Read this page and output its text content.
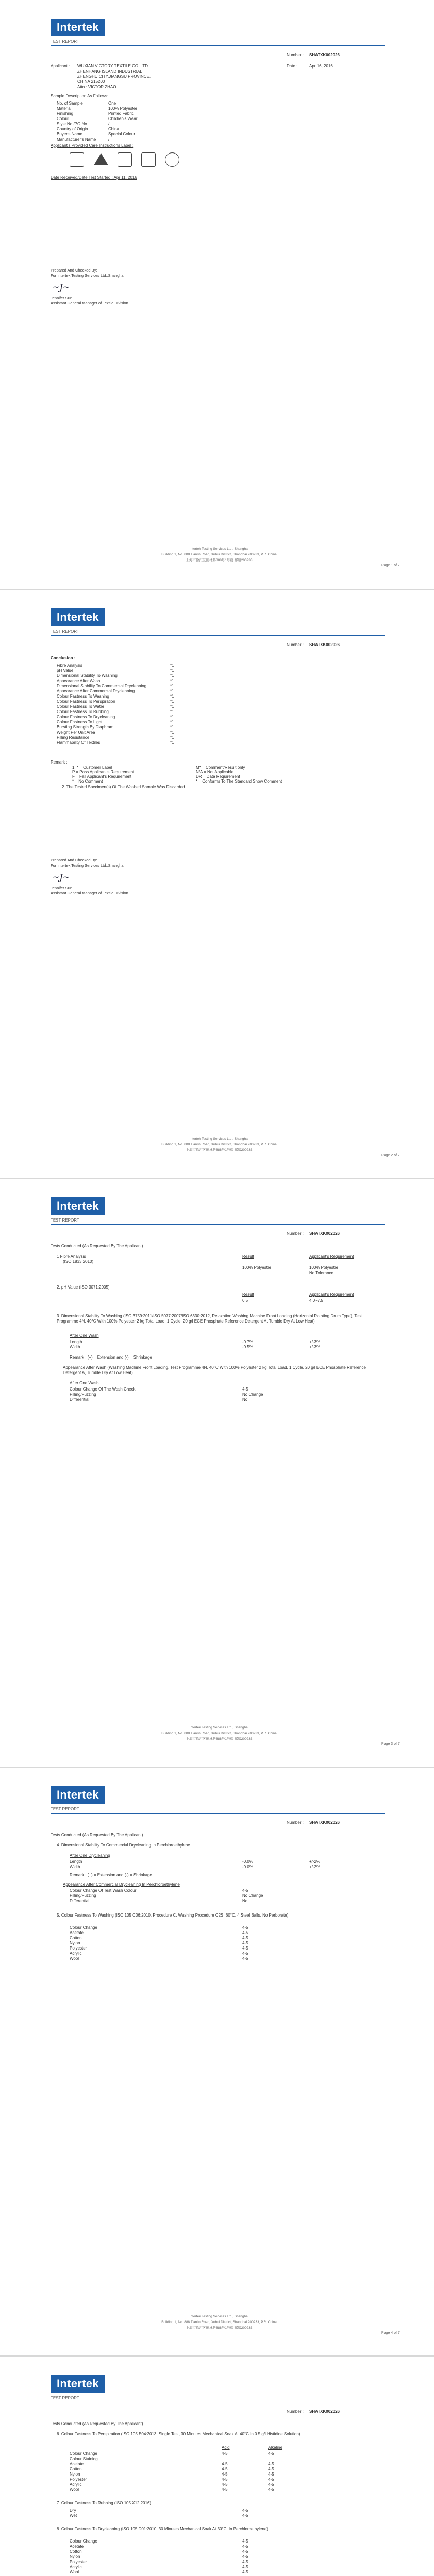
Intertek
TEST REPORT
Number : SHATXK002026
Applicant : WUXIAN VICTORY TEXTILE CO.,LTD.
ZHENHANG ISLAND INDUSTRIAL
ZHENGHU CITY,JIANGSU PROVINCE,
CHINA 215200
Attn : VICTOR ZHAO
Date :	Apr 16, 2016
Sample Description As Follows:
No. of Sample	One
Material	100% Polyester
Finishing	Printed Fabric
Colour	Children's Wear
Style No./PO No.	/
Country of Origin	China
Buyer's Name	Special Colour
Manufacturer's Name	/
Applicant's Provided Care Instructions Label :
Date Received/Date Test Started : Apr 11, 2016
Prepared And Checked By:
For Intertek Testing Services Ltd.,Shanghai
~J~
Jennifer Sun
Assistant General Manager of Textile Division
Intertek Testing Services Ltd., Shanghai
Building 1, No. 888 Tianlin Road, Xuhui District, Shanghai 200233, P.R. China
上海市徐汇区田林路888号1号楼 邮编200233
Page 1 of 7
Intertek
TEST REPORT
Number : SHATXK002026
Conclusion :
Fibre Analysis	*1
pH Value	*1
Dimensional Stability To Washing	*1
Appearance After Wash	*1
Dimensional Stability To Commercial Drycleaning	*1
Appearance After Commercial Drycleaning	*1
Colour Fastness To Washing	*1
Colour Fastness To Perspiration	*1
Colour Fastness To Water	*1
Colour Fastness To Rubbing	*1
Colour Fastness To Drycleaning	*1
Colour Fastness To Light	*1
Bursting Strength By Diaphram	*1
Weight Per Unit Area	*1
Pilling Resistance	*1
Flammability Of Textiles	*1
Remark :
1. * = Customer Label
P = Pass Applicant's Requirement
F = Fail Applicant's Requirement
* = No Comment
M* = Comment/Result only
N/A = Not Applicable
DR = Data Requirement
* = Conforms To The Standard Show Comment
2. The Tested Specimen(s) Of The Washed Sample Was Discarded.
Prepared And Checked By:
For Intertek Testing Services Ltd.,Shanghai
~J~
Jennifer Sun
Assistant General Manager of Textile Division
Intertek Testing Services Ltd., Shanghai
Building 1, No. 888 Tianlin Road, Xuhui District, Shanghai 200233, P.R. China
上海市徐汇区田林路888号1号楼 邮编200233
Page 2 of 7
Intertek
TEST REPORT
Number : SHATXK002026
Tests Conducted (As Requested By The Applicant)
1 Fibre Analysis
(ISO 1833:2010)
Result	Applicant's Requirement
100% Polyester	100% Polyester
No Tolerance
2. pH Value (ISO 3071:2005)
Result	Applicant's Requirement
6.5	4.0~7.5
3. Dimensional Stability To Washing (ISO 3759:2011/ISO 5077:2007/ISO 6330:2012, Relaxation Washing Machine Front Loading (Horizontal Rotating Drum Type), Test Programme 4N, 40°C With 100% Polyester 2 kg Total Load, 1 Cycle, 20 g/l ECE Phosphate Reference Detergent A, Tumble Dry At Low Heat)
After One Wash
Length	-0.7%	+/-3%
Width	-0.5%	+/-3%
Remark : (+) = Extension and (-) = Shrinkage
Appearance After Wash (Washing Machine Front Loading, Test Programme 4N, 40°C With 100% Polyester 2 kg Total Load, 1 Cycle, 20 g/l ECE Phosphate Reference Detergent A, Tumble Dry At Low Heat)
After One Wash
Colour Change Of The Wash Check	4-5
Pilling/Fuzzing	No Change
Differential	No
Intertek Testing Services Ltd., Shanghai
Building 1, No. 888 Tianlin Road, Xuhui District, Shanghai 200233, P.R. China
上海市徐汇区田林路888号1号楼 邮编200233
Page 3 of 7
Intertek
TEST REPORT
Number : SHATXK002026
Tests Conducted (As Requested By The Applicant)
4. Dimensional Stability To Commercial Drycleaning In Perchloroethylene
After One Drycleaning
Length	-0.0%	+/-2%
Width	-0.0%	+/-2%
Remark : (+) = Extension and (-) = Shrinkage
Appearance After Commercial Drycleaning In Perchloroethylene
Colour Change Of Test Wash Colour	4-5
Pilling/Fuzzing	No Change
Differential	No
5. Colour Fastness To Washing (ISO 105 C06:2010, Procedure C, Washing Procedure C2S, 60°C, 4 Steel Balls, No Perborate)
Colour Change	4-5
Acetate	4-5
Cotton	4-5
Nylon	4-5
Polyester	4-5
Acrylic	4-5
Wool	4-5
Intertek Testing Services Ltd., Shanghai
Building 1, No. 888 Tianlin Road, Xuhui District, Shanghai 200233, P.R. China
上海市徐汇区田林路888号1号楼 邮编200233
Page 4 of 7
Intertek
TEST REPORT
Number : SHATXK002026
Tests Conducted (As Requested By The Applicant)
6. Colour Fastness To Perspiration (ISO 105 E04:2013, Single Test, 30 Minutes Mechanical Soak At 40°C In 0.5 g/l Histidine Solution)
Acid	Alkaline
Colour Change	4-5	4-5
Colour Staining
Acetate	4-5	4-5
Cotton	4-5	4-5
Nylon	4-5	4-5
Polyester	4-5	4-5
Acrylic	4-5	4-5
Wool	4-5	4-5
7. Colour Fastness To Rubbing (ISO 105 X12:2016)
Dry	4-5
Wet	4-5
8. Colour Fastness To Drycleaning (ISO 105 D01:2010, 30 Minutes Mechanical Soak At 30°C, In Perchloroethylene)
Colour Change	4-5
Acetate	4-5
Cotton	4-5
Nylon	4-5
Polyester	4-5
Acrylic	4-5
Wool	4-5
